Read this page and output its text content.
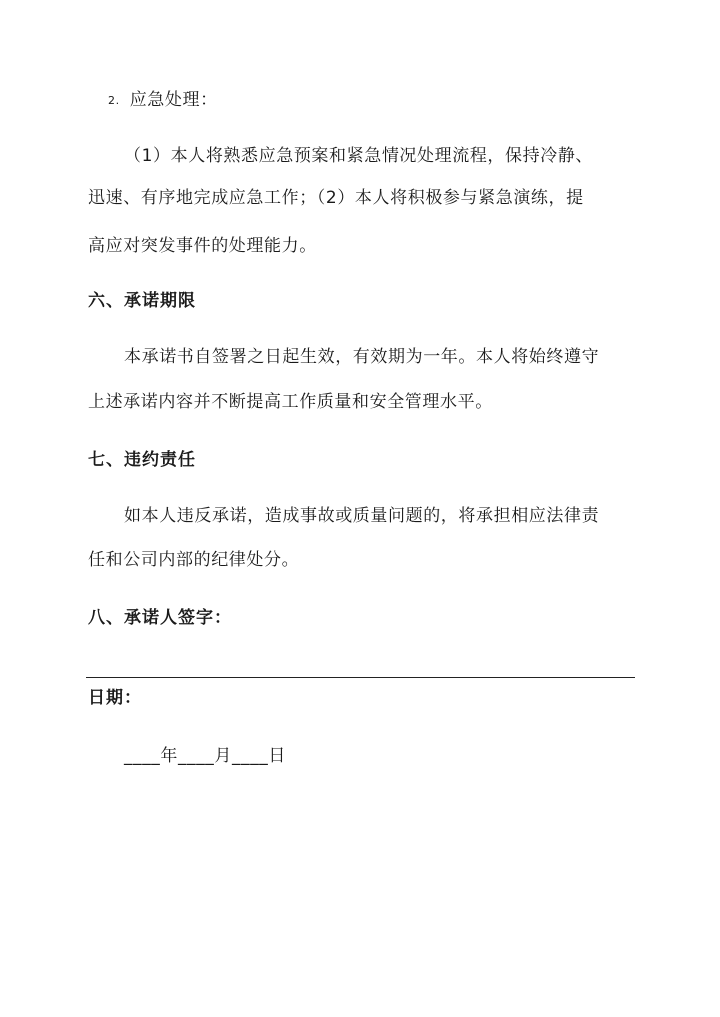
2. 应急处理：
（1）本人将熟悉应急预案和紧急情况处理流程，保持冷静、
迅速、有序地完成应急工作；（2）本人将积极参与紧急演练，提
高应对突发事件的处理能力。
六、承诺期限
本承诺书自签署之日起生效，有效期为一年。本人将始终遵守
上述承诺内容并不断提高工作质量和安全管理水平。
七、违约责任
如本人违反承诺，造成事故或质量问题的，将承担相应法律责
任和公司内部的纪律处分。
八、承诺人签字：
日期：
____年____月____日
